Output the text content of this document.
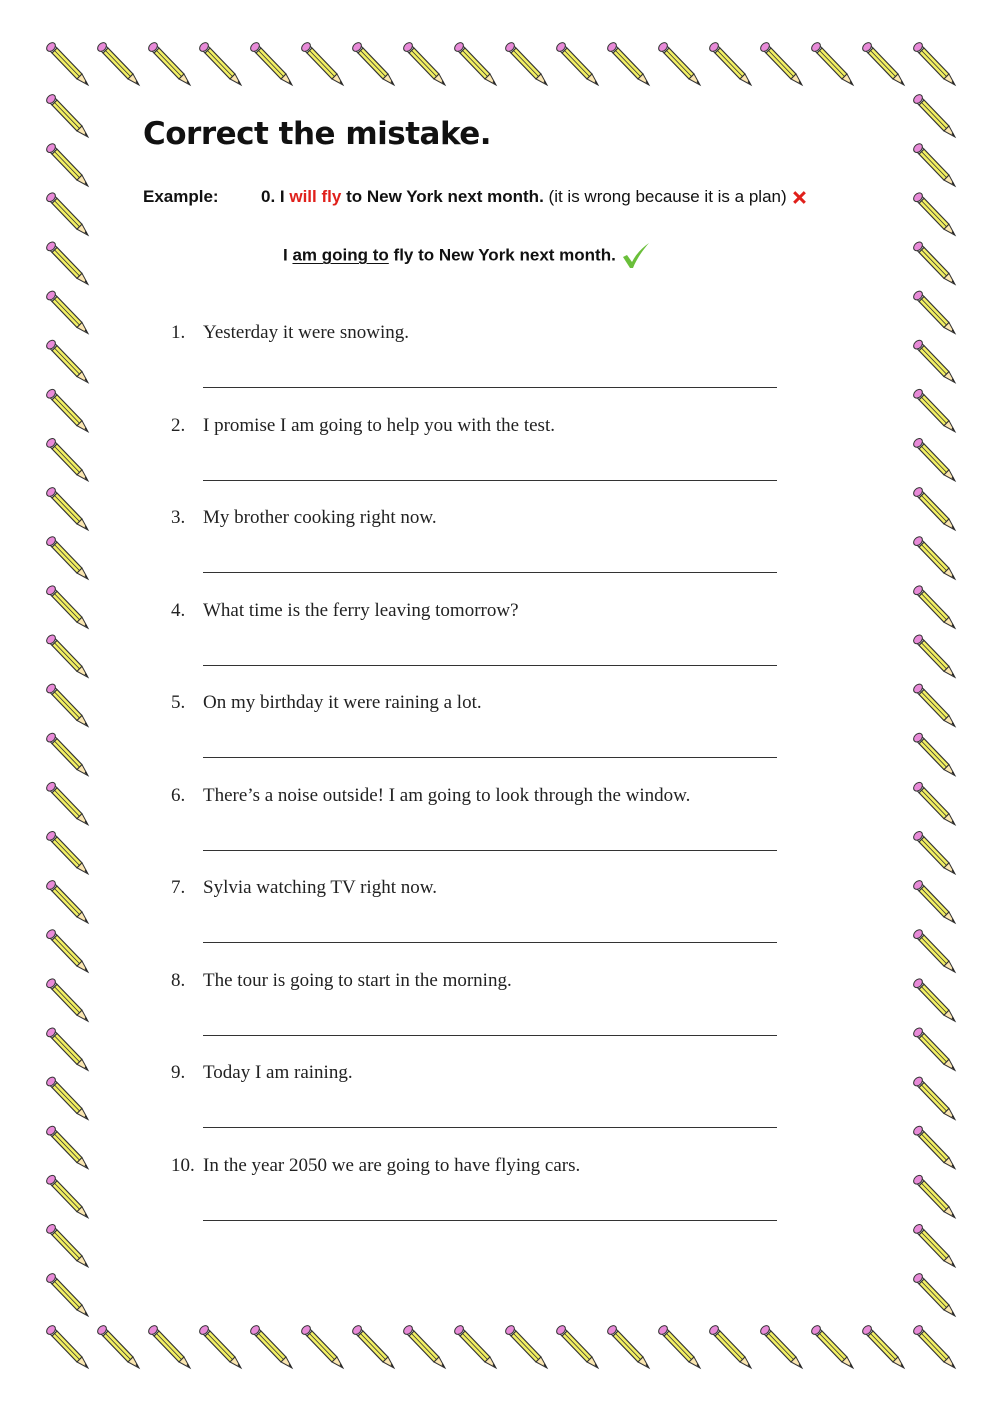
Correct the mistake.
Example: 0. I will fly to New York next month. (it is wrong because it is a plan)
I am going to fly to New York next month.
1. Yesterday it were snowing.
2. I promise I am going to help you with the test.
3. My brother cooking right now.
4. What time is the ferry leaving tomorrow?
5. On my birthday it were raining a lot.
6. There’s a noise outside! I am going to look through the window.
7. Sylvia watching TV right now.
8. The tour is going to start in the morning.
9. Today I am raining.
10. In the year 2050 we are going to have flying cars.
